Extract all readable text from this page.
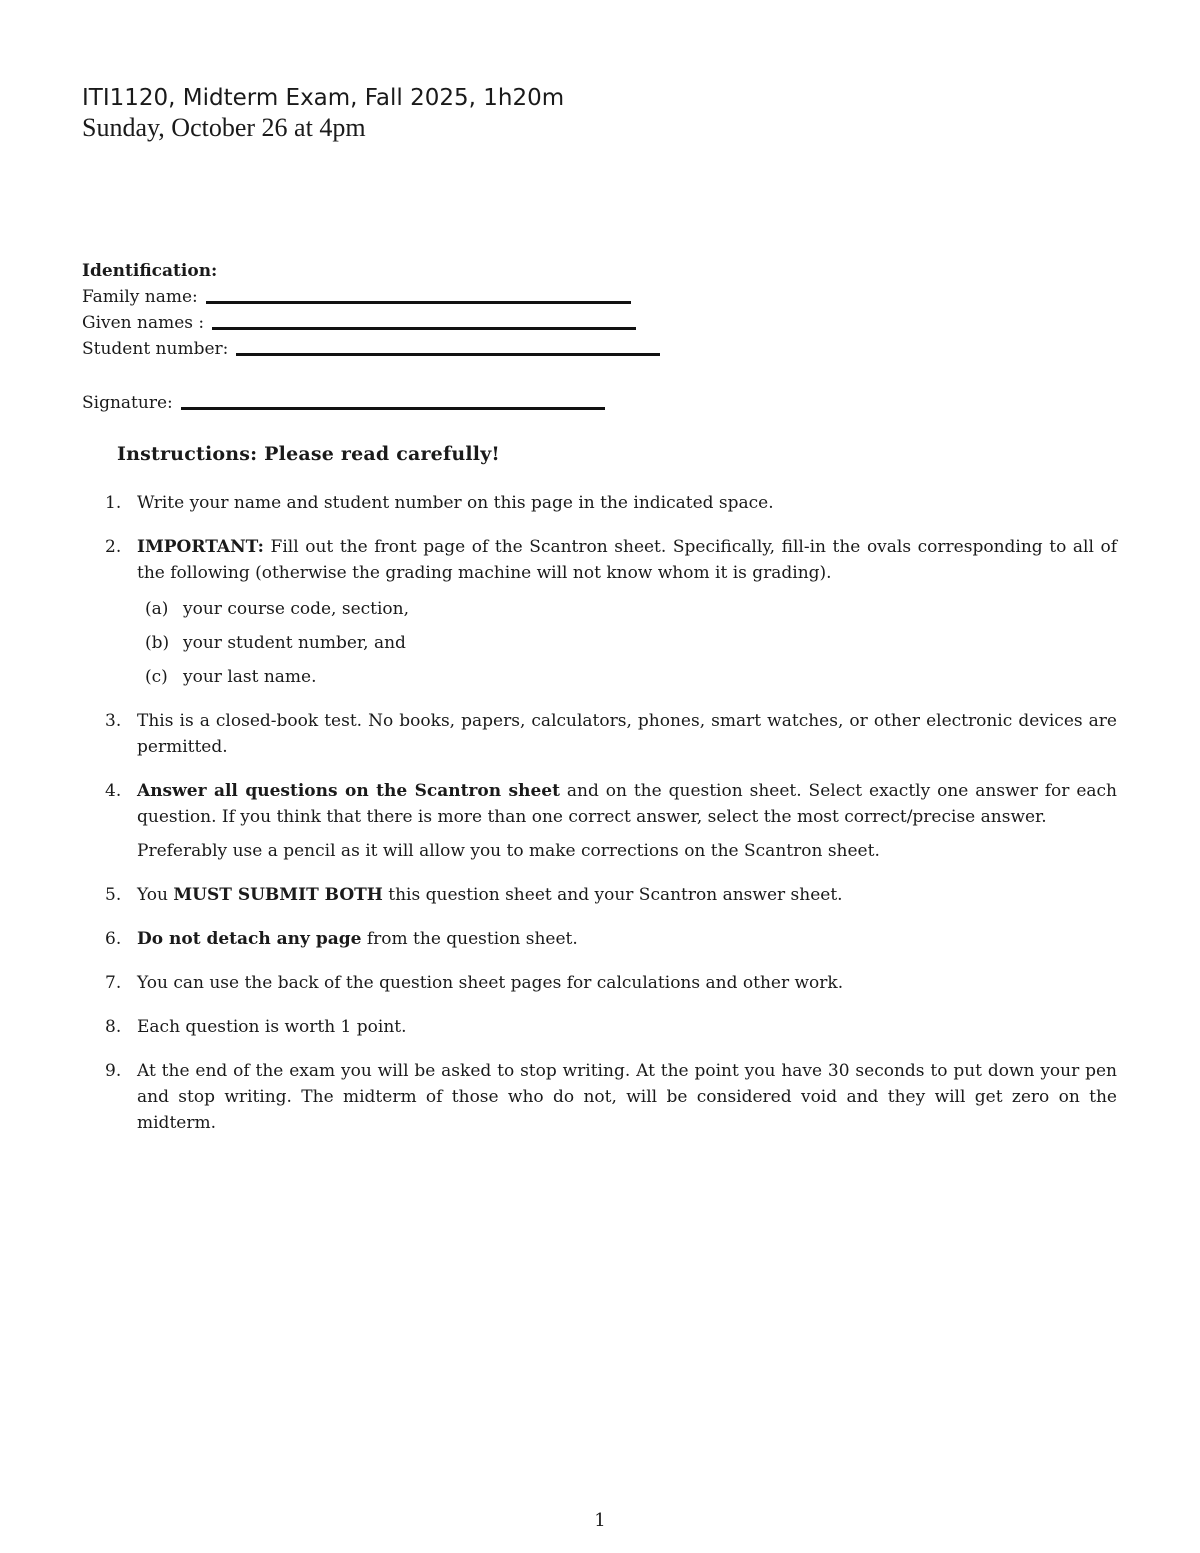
ITI1120, Midterm Exam, Fall 2025, 1h20m
Sunday, October 26 at 4pm
Identification:
Family name:
Given names :
Student number:
Signature:
Instructions: Please read carefully!
1. Write your name and student number on this page in the indicated space.
2. IMPORTANT: Fill out the front page of the Scantron sheet. Specifically, fill-in the ovals corresponding to all of the following (otherwise the grading machine will not know whom it is grading).
(a) your course code, section,
(b) your student number, and
(c) your last name.
3. This is a closed-book test. No books, papers, calculators, phones, smart watches, or other electronic devices are permitted.
4. Answer all questions on the Scantron sheet and on the question sheet. Select exactly one answer for each question. If you think that there is more than one correct answer, select the most correct/precise answer.
Preferably use a pencil as it will allow you to make corrections on the Scantron sheet.
5. You MUST SUBMIT BOTH this question sheet and your Scantron answer sheet.
6. Do not detach any page from the question sheet.
7. You can use the back of the question sheet pages for calculations and other work.
8. Each question is worth 1 point.
9. At the end of the exam you will be asked to stop writing. At the point you have 30 seconds to put down your pen and stop writing. The midterm of those who do not, will be considered void and they will get zero on the midterm.
1
